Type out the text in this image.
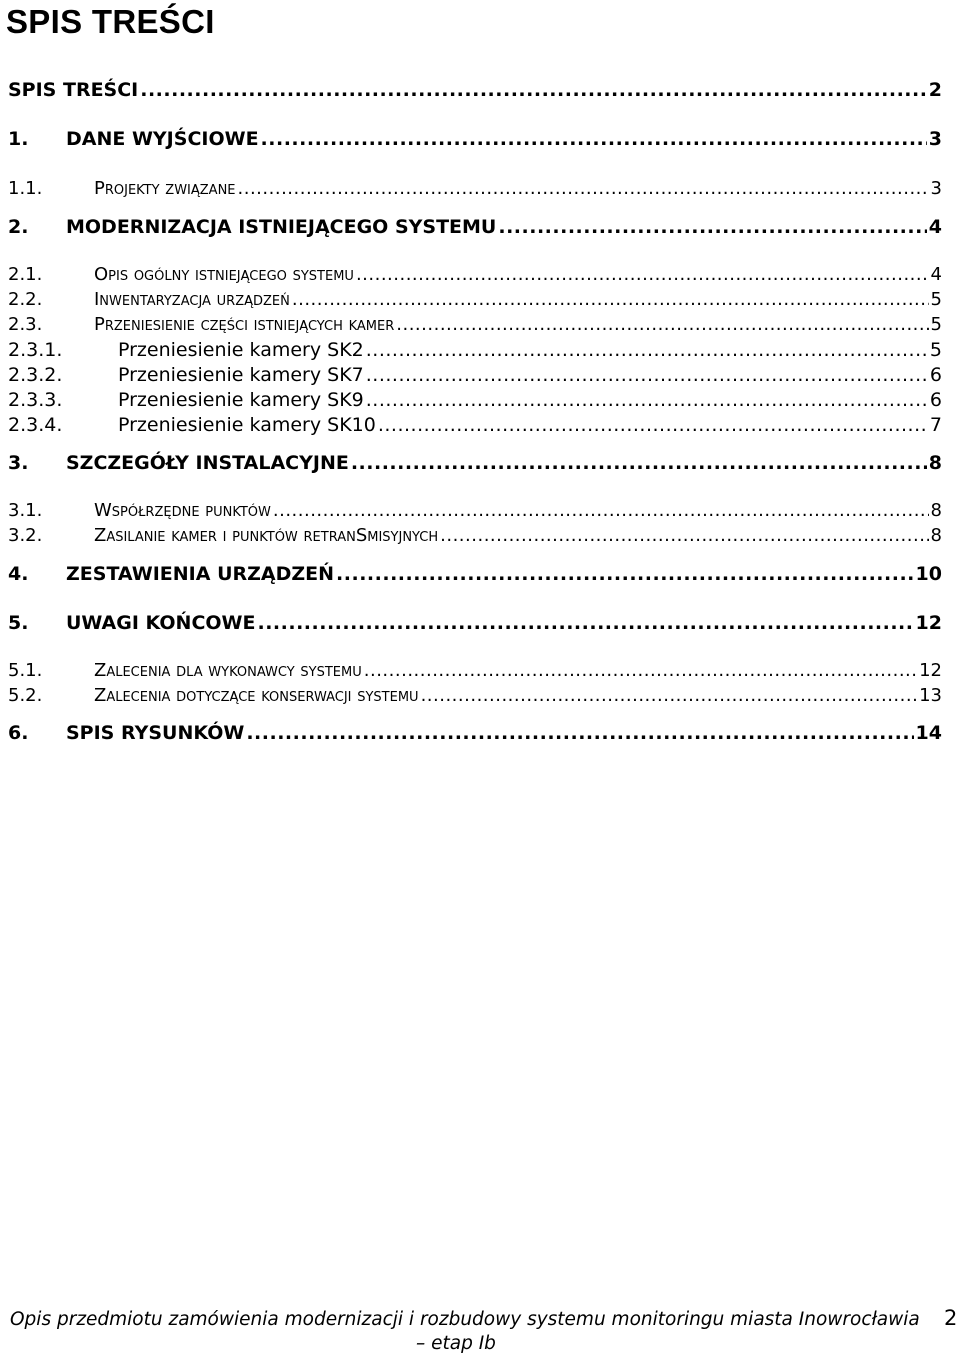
SPIS TREŚCI
SPIS TREŚCI .....	2
1.	DANE WYJŚCIOWE .....	3
1.1.	Projekty związane .....	3
2.	MODERNIZACJA ISTNIEJĄCEGO SYSTEMU .....	4
2.1.	Opis ogólny istniejącego systemu .....	4
2.2.	Inwentaryzacja urządzeń .....	5
2.3.	Przeniesienie części istniejących kamer .....	5
2.3.1.	Przeniesienie kamery SK2 .....	5
2.3.2.	Przeniesienie kamery SK7 .....	6
2.3.3.	Przeniesienie kamery SK9 .....	6
2.3.4.	Przeniesienie kamery SK10 .....	7
3.	SZCZEGÓŁY INSTALACYJNE .....	8
3.1.	Współrzędne punktów .....	8
3.2.	Zasilanie kamer i punktów retranSmisyjnych .....	8
4.	ZESTAWIENIA URZĄDZEŃ .....	10
5.	UWAGI KOŃCOWE .....	12
5.1.	Zalecenia dla wykonawcy systemu .....	12
5.2.	Zalecenia dotyczące konserwacji systemu .....	13
6.	SPIS RYSUNKÓW .....	14
Opis przedmiotu zamówienia modernizacji i rozbudowy systemu monitoringu miasta Inowrocławia
– etap Ib
2
